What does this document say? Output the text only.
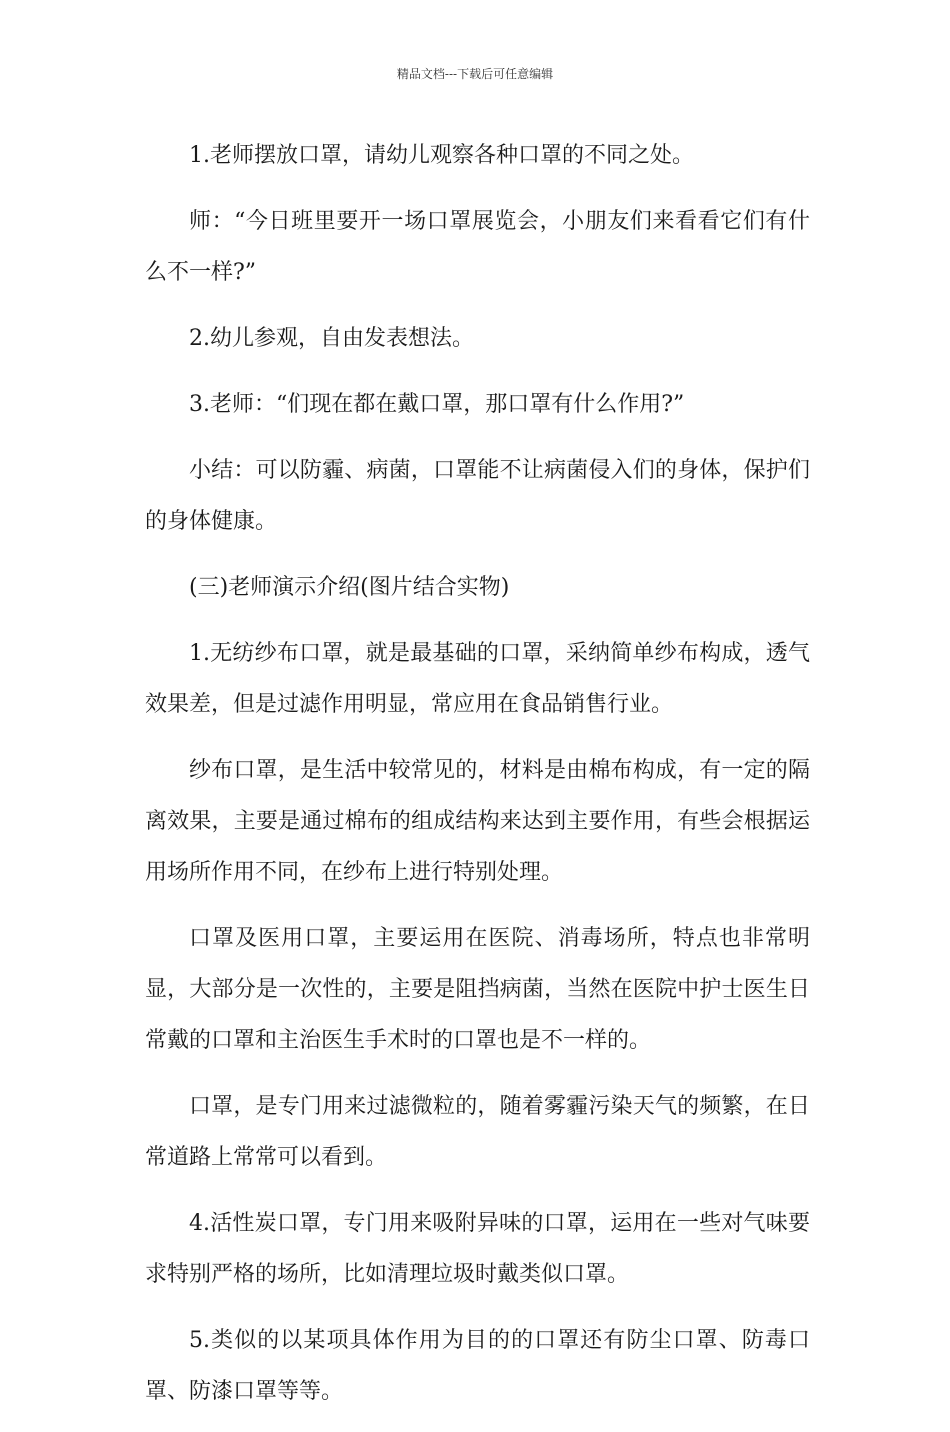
精品文档---下载后可任意编辑

1.老师摆放口罩，请幼儿观察各种口罩的不同之处。

师：“今日班里要开一场口罩展览会，小朋友们来看看它们有什么不一样?”

2.幼儿参观，自由发表想法。

3.老师：“们现在都在戴口罩，那口罩有什么作用?”

小结：可以防霾、病菌，口罩能不让病菌侵入们的身体，保护们的身体健康。

(三)老师演示介绍(图片结合实物)

1.无纺纱布口罩，就是最基础的口罩，采纳简单纱布构成，透气效果差，但是过滤作用明显，常应用在食品销售行业。

纱布口罩，是生活中较常见的，材料是由棉布构成，有一定的隔离效果，主要是通过棉布的组成结构来达到主要作用，有些会根据运用场所作用不同，在纱布上进行特别处理。

口罩及医用口罩，主要运用在医院、消毒场所，特点也非常明显，大部分是一次性的，主要是阻挡病菌，当然在医院中护士医生日常戴的口罩和主治医生手术时的口罩也是不一样的。

口罩，是专门用来过滤微粒的，随着雾霾污染天气的频繁，在日常道路上常常可以看到。

4.活性炭口罩，专门用来吸附异味的口罩，运用在一些对气味要求特别严格的场所，比如清理垃圾时戴类似口罩。

5.类似的以某项具体作用为目的的口罩还有防尘口罩、防毒口罩、防漆口罩等等。
